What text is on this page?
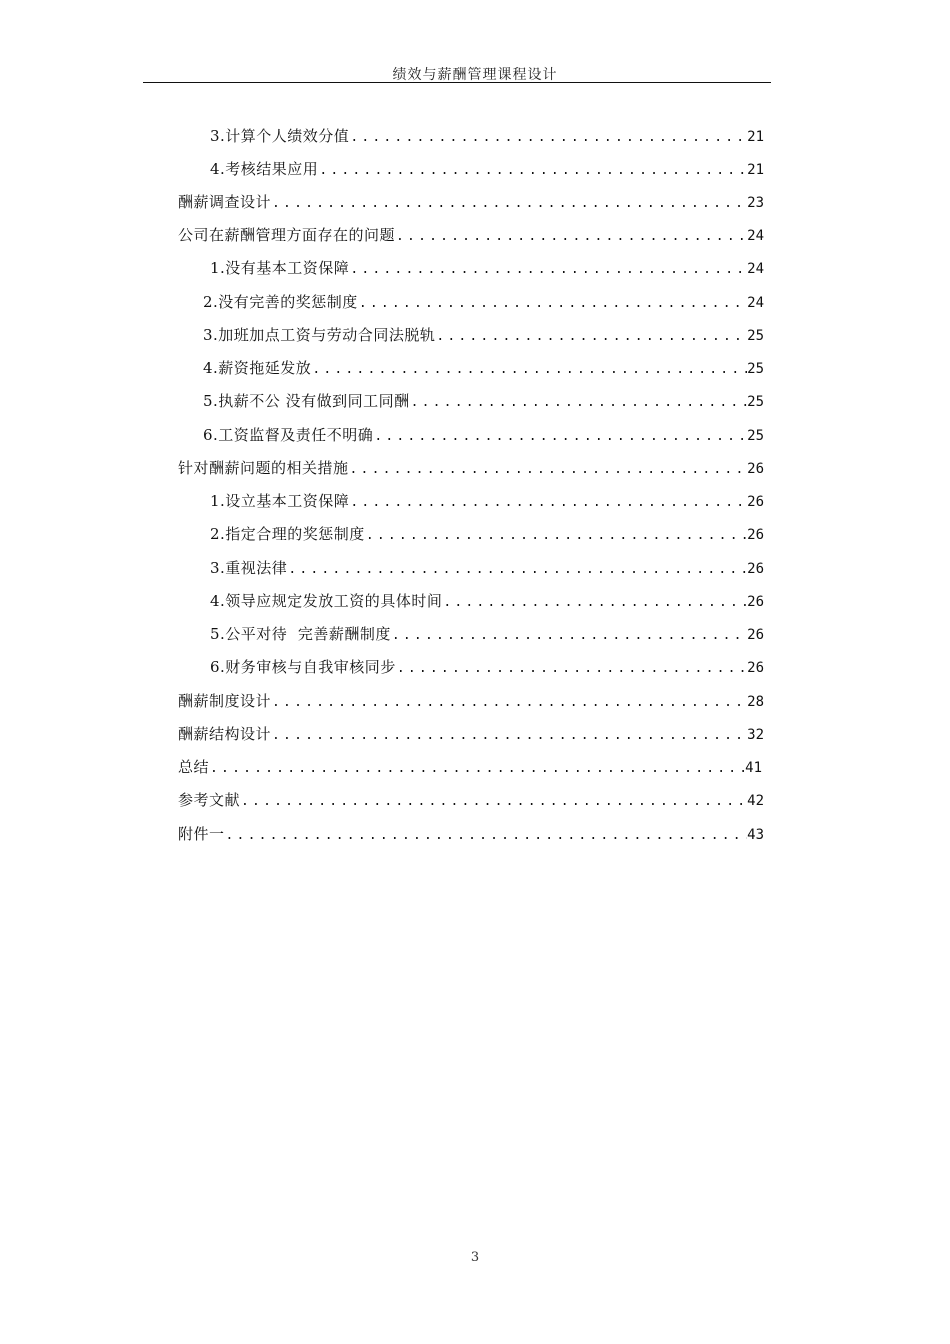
绩效与薪酬管理课程设计
3.计算个人绩效分值 .....	21
4.考核结果应用 .....	21
酬薪调查设计 .....	23
公司在薪酬管理方面存在的问题 .....	24
1.没有基本工资保障 .....	24
2.没有完善的奖惩制度 .....	24
3.加班加点工资与劳动合同法脱轨 .....	25
4.薪资拖延发放 .....	25
5.执薪不公 没有做到同工同酬 .....	25
6.工资监督及责任不明确 .....	25
针对酬薪问题的相关措施 .....	26
1.设立基本工资保障 .....	26
2.指定合理的奖惩制度 .....	26
3.重视法律 .....	26
4.领导应规定发放工资的具体时间 .....	26
5.公平对待  完善薪酬制度 .....	26
6.财务审核与自我审核同步 .....	26
酬薪制度设计 .....	28
酬薪结构设计 .....	32
总结 .....	41
参考文献 .....	42
附件一 .....	43
3
